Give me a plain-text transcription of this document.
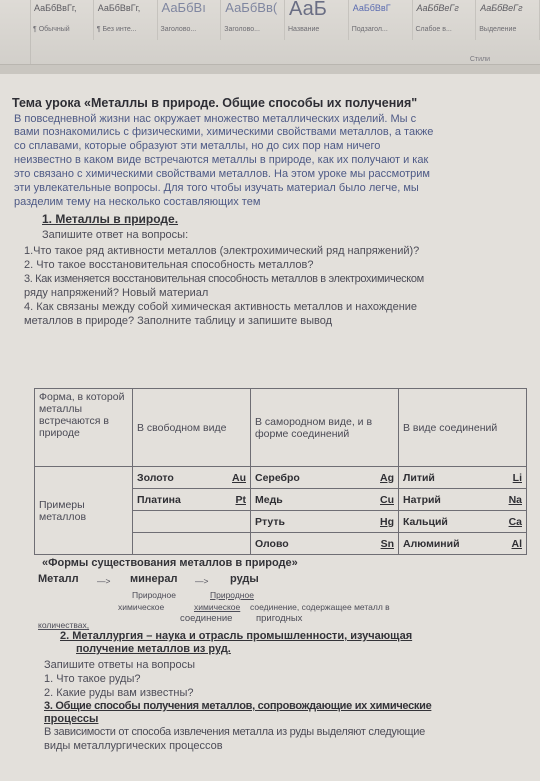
АаБбВвГг,
¶ Обычный
АаБбВвГг,
¶ Без инте...
АаБбВı
Заголово...
АаБбВв(
Заголово...
АаБ
Название
АаБбВвГ
Подзагол...
АаБбВеГг
Слабое в...
АаБбВеГг
Выделение
Стили
Тема урока «Металлы в природе. Общие способы их получения"
В повседневной жизни нас окружает множество металлических изделий. Мы с
вами познакомились с физическими, химическими свойствами металлов, а также
со сплавами, которые образуют эти металлы, но до сих пор нам ничего
неизвестно в каком виде встречаются металлы в природе, как их получают и как
это связано с химическими свойствами металлов. На этом уроке мы рассмотрим
эти увлекательные вопросы. Для того чтобы изучать материал было легче, мы
разделим тему на несколько составляющих тем
1. Металлы в природе.
Запишите ответ на вопросы:
1.Что такое ряд активности металлов (электрохимический ряд напряжений)?
2. Что такое восстановительная способность металлов?
3. Как изменяется восстановительная способность металлов в электрохимическом
ряду напряжений? Новый материал
4. Как связаны между собой химическая активность металлов и нахождение
металлов в природе? Заполните таблицу и запишите вывод
Форма, в которой металлы встречаются в природе	В свободном виде	В самородном виде, и в форме соединений	В виде соединений
Примеры металлов	Золото Au	Серебро Ag	Литий Li

	Платина Pt	Медь Cu	Натрий Na

		Ртуть Hg	Кальций Ca

		Олово Sn	Алюминий Al
«Формы существования металлов в природе»
Металл —> минерал —> руды
Природное	Природное
химическое	химическое соединение, содержащее металл в
соединение пригодных
количествах,
2. Металлургия – наука и отрасль промышленности, изучающая
получение металлов из руд.
Запишите ответы на вопросы
1. Что такое руды?
2. Какие руды вам известны?
3. Общие способы получения металлов, сопровождающие их химические
процессы
В зависимости от способа извлечения металла из руды выделяют следующие
виды металлургических процессов
